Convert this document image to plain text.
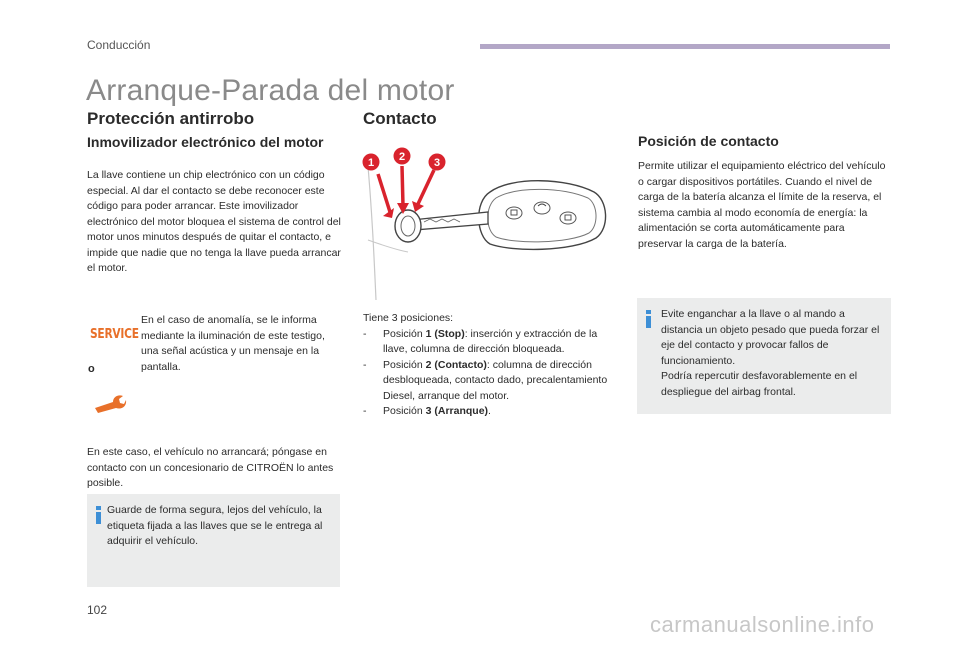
Conducción
Arranque-Parada del motor
Protección antirrobo
Inmovilizador electrónico del motor

La llave contiene un chip electrónico con un código especial. Al dar el contacto se debe reconocer este código para poder arrancar. Este imovilizador electrónico del motor bloquea el sistema de control del motor unos minutos después de quitar el contacto, e impide que nadie que no tenga la llave pueda arrancar el motor.

SERVICE

En el caso de anomalía, se le informa mediante la iluminación de este testigo, una señal acústica y un mensaje en la pantalla.

o

En este caso, el vehículo no arrancará; póngase en contacto con un concesionario de CITROËN lo antes posible.

Guarde de forma segura, lejos del vehículo, la etiqueta fijada a las llaves que se le entrega al adquirir el vehículo.

Contacto
1 2	3

Tiene 3 posiciones:

- Posición 1 (Stop): inserción y extracción de la llave, columna de dirección bloqueada.
- Posición 2 (Contacto): columna de dirección desbloqueada, contacto dado, precalentamiento Diesel, arranque del motor.
- Posición 3 (Arranque).
Posición de contacto

Permite utilizar el equipamiento eléctrico del vehículo o cargar dispositivos portátiles. Cuando el nivel de carga de la batería alcanza el límite de la reserva, el sistema cambia al modo economía de energía: la alimentación se corta automáticamente para preservar la carga de la batería.

Evite enganchar a la llave o al mando a distancia un objeto pesado que pueda forzar el eje del contacto y provocar fallos de funcionamiento.
Podría repercutir desfavorablemente en el despliegue del airbag frontal.

102
carmanualsonline.info
